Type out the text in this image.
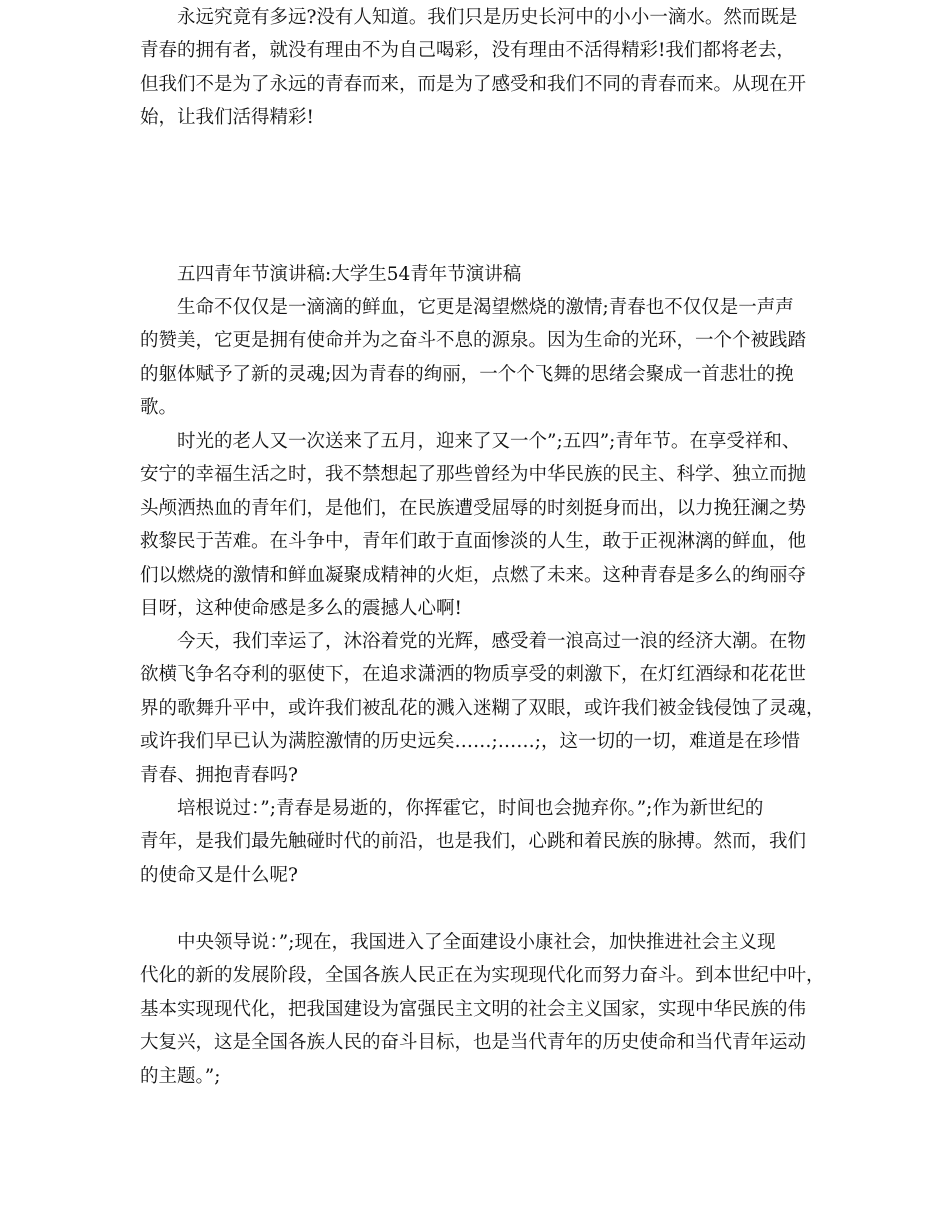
永远究竟有多远?没有人知道。我们只是历史长河中的小小一滴水。然而既是
青春的拥有者，就没有理由不为自己喝彩，没有理由不活得精彩!我们都将老去，
但我们不是为了永远的青春而来，而是为了感受和我们不同的青春而来。从现在开
始，让我们活得精彩!
五四青年节演讲稿:大学生54青年节演讲稿
生命不仅仅是一滴滴的鲜血，它更是渴望燃烧的激情;青春也不仅仅是一声声
的赞美，它更是拥有使命并为之奋斗不息的源泉。因为生命的光环，一个个被践踏
的躯体赋予了新的灵魂;因为青春的绚丽，一个个飞舞的思绪会聚成一首悲壮的挽
歌。
时光的老人又一次送来了五月，迎来了又一个”;五四”;青年节。在享受祥和、
安宁的幸福生活之时，我不禁想起了那些曾经为中华民族的民主、科学、独立而抛
头颅洒热血的青年们，是他们，在民族遭受屈辱的时刻挺身而出，以力挽狂澜之势
救黎民于苦难。在斗争中，青年们敢于直面惨淡的人生，敢于正视淋漓的鲜血，他
们以燃烧的激情和鲜血凝聚成精神的火炬，点燃了未来。这种青春是多么的绚丽夺
目呀，这种使命感是多么的震撼人心啊!
今天，我们幸运了，沐浴着党的光辉，感受着一浪高过一浪的经济大潮。在物
欲横飞争名夺利的驱使下，在追求潇洒的物质享受的刺激下，在灯红酒绿和花花世
界的歌舞升平中，或许我们被乱花的溅入迷糊了双眼，或许我们被金钱侵蚀了灵魂，
或许我们早已认为满腔激情的历史远矣……;……;，这一切的一切，难道是在珍惜
青春、拥抱青春吗?
培根说过：”;青春是易逝的，你挥霍它，时间也会抛弃你。”;作为新世纪的
青年，是我们最先触碰时代的前沿，也是我们，心跳和着民族的脉搏。然而，我们
的使命又是什么呢?
中央领导说：”;现在，我国进入了全面建设小康社会，加快推进社会主义现
代化的新的发展阶段，全国各族人民正在为实现现代化而努力奋斗。到本世纪中叶，
基本实现现代化，把我国建设为富强民主文明的社会主义国家，实现中华民族的伟
大复兴，这是全国各族人民的奋斗目标，也是当代青年的历史使命和当代青年运动
的主题。”;
